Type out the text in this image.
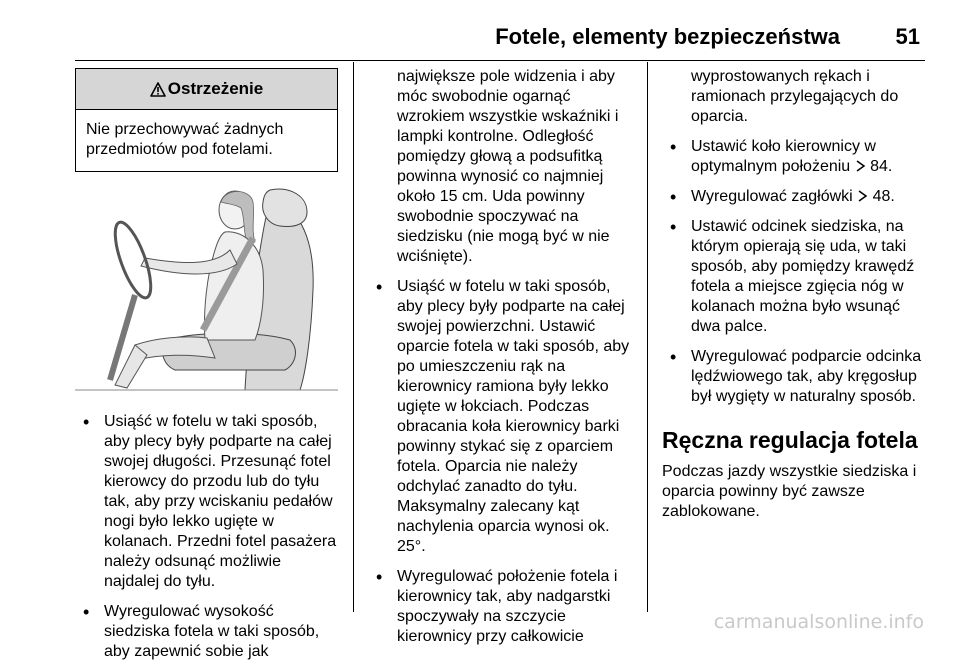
Fotele, elementy bezpieczeństwa	51
Ostrzeżenie
Nie przechowywać żadnych przedmiotów pod fotelami.
• Usiąść w fotelu w taki sposób, aby plecy były podparte na całej swojej długości. Przesunąć fotel kierowcy do przodu lub do tyłu tak, aby przy wciskaniu pedałów nogi było lekko ugięte w kolanach. Przedni fotel pasażera należy odsunąć możliwie najdalej do tyłu.
• Wyregulować wysokość siedziska fotela w taki sposób, aby zapewnić sobie jak
największe pole widzenia i aby móc swobodnie ogarnąć wzrokiem wszystkie wskaźniki i lampki kontrolne. Odległość pomiędzy głową a podsufitką powinna wynosić co najmniej około 15 cm. Uda powinny swobodnie spoczywać na siedzisku (nie mogą być w nie wciśnięte).
• Usiąść w fotelu w taki sposób, aby plecy były podparte na całej swojej powierzchni. Ustawić oparcie fotela w taki sposób, aby po umieszczeniu rąk na kierownicy ramiona były lekko ugięte w łokciach. Podczas obracania koła kierownicy barki powinny stykać się z oparciem fotela. Oparcia nie należy odchylać zanadto do tyłu. Maksymalny zalecany kąt nachylenia oparcia wynosi ok. 25°.
• Wyregulować położenie fotela i kierownicy tak, aby nadgarstki spoczywały na szczycie kierownicy przy całkowicie
wyprostowanych rękach i ramionach przylegających do oparcia.
• Ustawić koło kierownicy w optymalnym położeniu 84.
• Wyregulować zagłówki 48.
• Ustawić odcinek siedziska, na którym opierają się uda, w taki sposób, aby pomiędzy krawędź fotela a miejsce zgięcia nóg w kolanach można było wsunąć dwa palce.
• Wyregulować podparcie odcinka lędźwiowego tak, aby kręgosłup był wygięty w naturalny sposób.
Ręczna regulacja fotela
Podczas jazdy wszystkie siedziska i oparcia powinny być zawsze zablokowane.
carmanualsonline.info
